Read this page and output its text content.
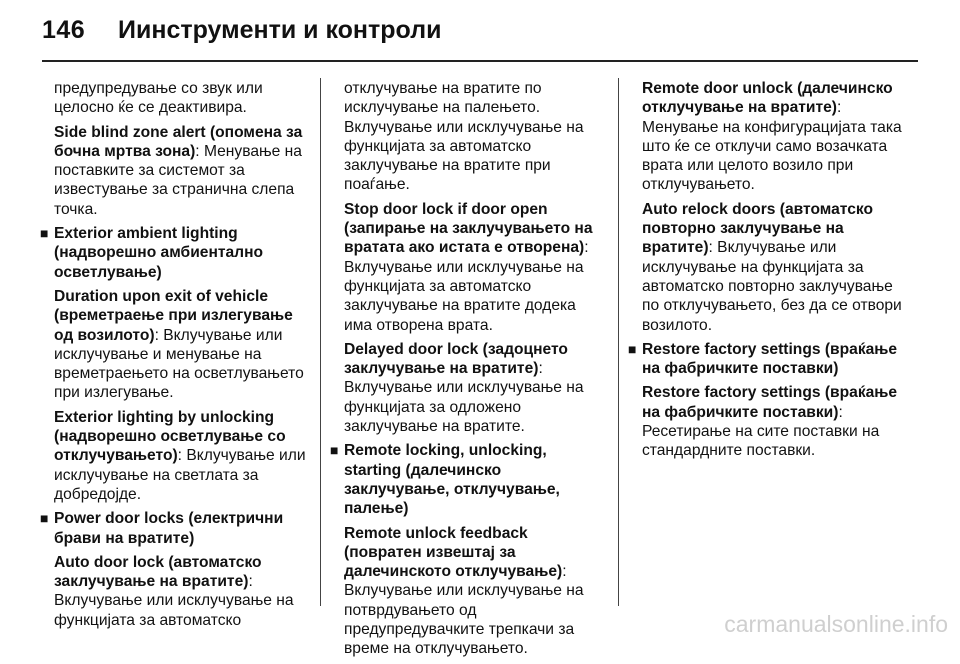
146 Иинструменти и контроли

предупредување со звук или целосно ќе се деактивира.

Side blind zone alert (опомена за бочна мртва зона): Менување на поставките за системот за известување за странична слепа точка.

■ Exterior ambient lighting (надворешно амбиентално осветлување)

Duration upon exit of vehicle (времетраење при излегување од возилото): Вклучување или исклучување и менување на времетраењето на осветлувањето при излегување.

Exterior lighting by unlocking (надворешно осветлување со отклучувањето): Вклучување или исклучување на светлата за добредојде.

■ Power door locks (електрични брави на вратите)

Auto door lock (автоматско заклучување на вратите): Вклучување или исклучување на функцијата за автоматско

отклучување на вратите по исклучување на палењето. Вклучување или исклучување на функцијата за автоматско заклучување на вратите при поаѓање.

Stop door lock if door open (запирање на заклучувањето на вратата ако истата е отворена): Вклучување или исклучување на функцијата за автоматско заклучување на вратите додека има отворена врата.

Delayed door lock (задоцнето заклучување на вратите): Вклучување или исклучување на функцијата за одложено заклучување на вратите.

■ Remote locking, unlocking, starting (далечинско заклучување, отклучување, палење)

Remote unlock feedback (повратен извештај за далечинското отклучување): Вклучување или исклучување на потврдувањето од предупредувачките трепкачи за време на отклучувањето.

Remote door unlock (далечинско отклучување на вратите): Менување на конфигурацијата така што ќе се отклучи само возачката врата или целото возило при отклучувањето.

Auto relock doors (автоматско повторно заклучување на вратите): Вклучување или исклучување на функцијата за автоматско повторно заклучување по отклучувањето, без да се отвори возилото.

■ Restore factory settings (враќање на фабричките поставки)

Restore factory settings (враќање на фабричките поставки): Ресетирање на сите поставки на стандардните поставки.

carmanualsonline.info
